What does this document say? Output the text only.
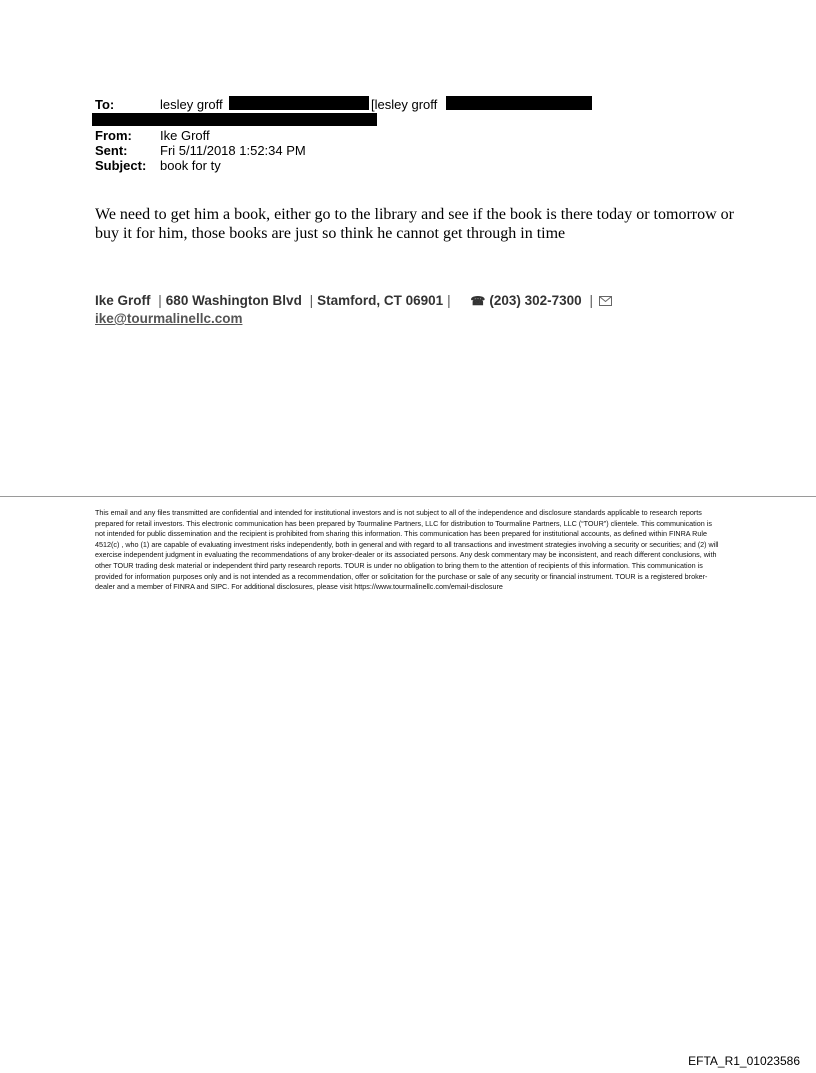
To:	lesley groff	[lesley groff
From: Ike Groff
Sent:	Fri 5/11/2018 1:52:34 PM
Subject: book for ty
We need to get him a book, either go to the library and see if the book is there today or tomorrow or buy it for him, those books are just so think he cannot get through in time
Ike Groff | 680 Washington Blvd | Stamford, CT 06901 | ☎ (203) 302-7300 |
ike@tourmalinellc.com
This email and any files transmitted are confidential and intended for institutional investors and is not subject to all of the independence and disclosure standards applicable to research reports prepared for retail investors. This electronic communication has been prepared by Tourmaline Partners, LLC for distribution to Tourmaline Partners, LLC (“TOUR”) clientele. This communication is not intended for public dissemination and the recipient is prohibited from sharing this information. This communication has been prepared for institutional accounts, as defined within FINRA Rule 4512(c) , who (1) are capable of evaluating investment risks independently, both in general and with regard to all transactions and investment strategies involving a security or securities; and (2) will exercise independent judgment in evaluating the recommendations of any broker-dealer or its associated persons. Any desk commentary may be inconsistent, and reach different conclusions, with other TOUR trading desk material or independent third party research reports. TOUR is under no obligation to bring them to the attention of recipients of this information. This communication is provided for information purposes only and is not intended as a recommendation, offer or solicitation for the purchase or sale of any security or financial instrument. TOUR is a registered broker-dealer and a member of FINRA and SIPC. For additional disclosures, please visit https://www.tourmalinellc.com/email-disclosure
EFTA_R1_01023586
